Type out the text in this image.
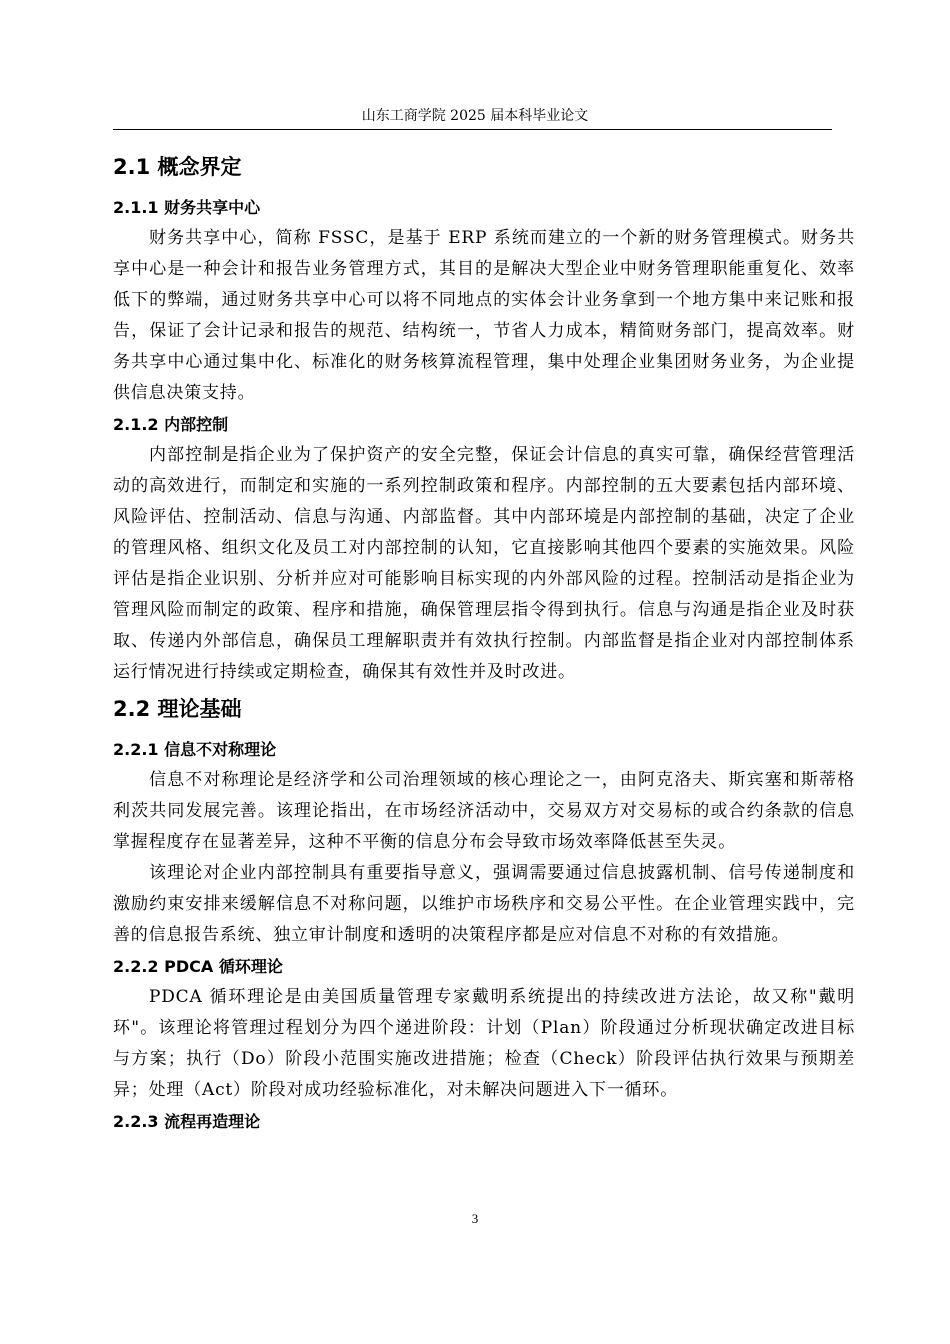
山东工商学院 2025 届本科毕业论文
2.1 概念界定
2.1.1 财务共享中心

财务共享中心，简称 FSSC，是基于 ERP 系统而建立的一个新的财务管理模式。财务共享中心是一种会计和报告业务管理方式，其目的是解决大型企业中财务管理职能重复化、效率低下的弊端，通过财务共享中心可以将不同地点的实体会计业务拿到一个地方集中来记账和报告，保证了会计记录和报告的规范、结构统一，节省人力成本，精简财务部门，提高效率。财务共享中心通过集中化、标准化的财务核算流程管理，集中处理企业集团财务业务，为企业提供信息决策支持。

2.1.2 内部控制

内部控制是指企业为了保护资产的安全完整，保证会计信息的真实可靠，确保经营管理活动的高效进行，而制定和实施的一系列控制政策和程序。内部控制的五大要素包括内部环境、风险评估、控制活动、信息与沟通、内部监督。其中内部环境是内部控制的基础，决定了企业的管理风格、组织文化及员工对内部控制的认知，它直接影响其他四个要素的实施效果。风险评估是指企业识别、分析并应对可能影响目标实现的内外部风险的过程。控制活动是指企业为管理风险而制定的政策、程序和措施，确保管理层指令得到执行。信息与沟通是指企业及时获取、传递内外部信息，确保员工理解职责并有效执行控制。内部监督是指企业对内部控制体系运行情况进行持续或定期检查，确保其有效性并及时改进。

2.2 理论基础
2.2.1 信息不对称理论

信息不对称理论是经济学和公司治理领域的核心理论之一，由阿克洛夫、斯宾塞和斯蒂格利茨共同发展完善。该理论指出，在市场经济活动中，交易双方对交易标的或合约条款的信息掌握程度存在显著差异，这种不平衡的信息分布会导致市场效率降低甚至失灵。

该理论对企业内部控制具有重要指导意义，强调需要通过信息披露机制、信号传递制度和激励约束安排来缓解信息不对称问题，以维护市场秩序和交易公平性。在企业管理实践中，完善的信息报告系统、独立审计制度和透明的决策程序都是应对信息不对称的有效措施。

2.2.2 PDCA 循环理论

PDCA 循环理论是由美国质量管理专家戴明系统提出的持续改进方法论，故又称"戴明环"。该理论将管理过程划分为四个递进阶段：计划（Plan）阶段通过分析现状确定改进目标与方案；执行（Do）阶段小范围实施改进措施；检查（Check）阶段评估执行效果与预期差异；处理（Act）阶段对成功经验标准化，对未解决问题进入下一循环。

2.2.3 流程再造理论
3
